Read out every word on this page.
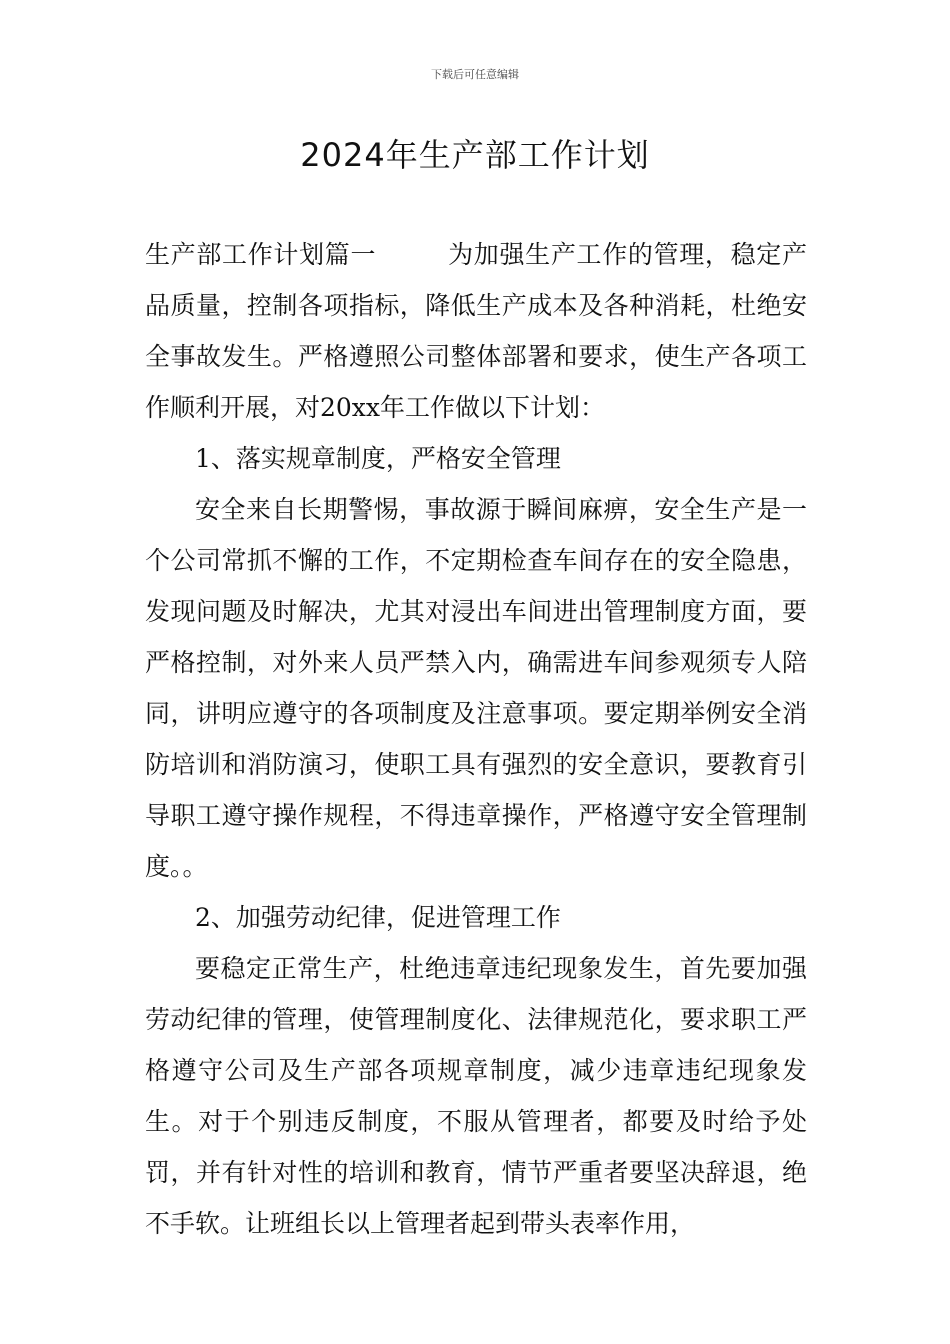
下载后可任意编辑
2024年生产部工作计划

生产部工作计划篇一	为加强生产工作的管理，稳定产品质量，控制各项指标，降低生产成本及各种消耗，杜绝安全事故发生。严格遵照公司整体部署和要求，使生产各项工作顺利开展，对20xx年工作做以下计划：

1、落实规章制度，严格安全管理

安全来自长期警惕，事故源于瞬间麻痹，安全生产是一个公司常抓不懈的工作，不定期检查车间存在的安全隐患，发现问题及时解决，尤其对浸出车间进出管理制度方面，要严格控制，对外来人员严禁入内，确需进车间参观须专人陪同，讲明应遵守的各项制度及注意事项。要定期举例安全消防培训和消防演习，使职工具有强烈的安全意识，要教育引导职工遵守操作规程，不得违章操作，严格遵守安全管理制度。。

2、加强劳动纪律，促进管理工作

要稳定正常生产，杜绝违章违纪现象发生，首先要加强劳动纪律的管理，使管理制度化、法律规范化，要求职工严格遵守公司及生产部各项规章制度，减少违章违纪现象发生。对于个别违反制度，不服从管理者，都要及时给予处罚，并有针对性的培训和教育，情节严重者要坚决辞退，绝不手软。让班组长以上管理者起到带头表率作用，
